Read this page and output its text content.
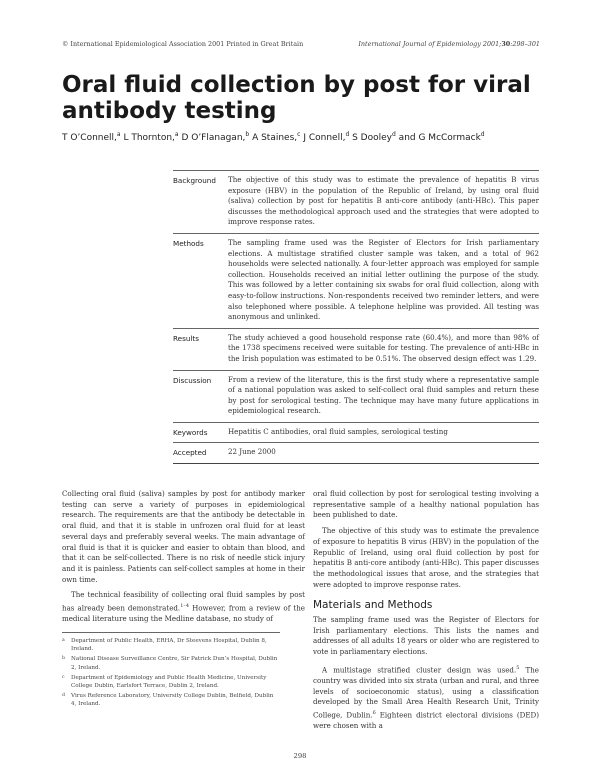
© International Epidemiological Association 2001 Printed in Great Britain	International Journal of Epidemiology 2001;30:298–301
Oral fluid collection by post for viral antibody testing
T O’Connell,$^a$ L Thornton,$^a$ D O’Flanagan,$^b$ A Staines,$^c$ J Connell,$^d$ S Dooley$^d$ and G McCormack$^d$
Background	The objective of this study was to estimate the prevalence of hepatitis B virus exposure (HBV) in the population of the Republic of Ireland, by using oral fluid (saliva) collection by post for hepatitis B anti-core antibody (anti-HBc). This paper discusses the methodological approach used and the strategies that were adopted to improve response rates.
Methods	The sampling frame used was the Register of Electors for Irish parliamentary elections. A multistage stratified cluster sample was taken, and a total of 962 households were selected nationally. A four-letter approach was employed for sample collection. Households received an initial letter outlining the purpose of the study. This was followed by a letter containing six swabs for oral fluid collection, along with easy-to-follow instructions. Non-respondents received two reminder letters, and were also telephoned where possible. A telephone helpline was provided. All testing was anonymous and unlinked.
Results	The study achieved a good household response rate (60.4%), and more than 98% of the 1738 specimens received were suitable for testing. The prevalence of anti-HBc in the Irish population was estimated to be 0.51%. The observed design effect was 1.29.
Discussion	From a review of the literature, this is the first study where a representative sample of a national population was asked to self-collect oral fluid samples and return these by post for serological testing. The technique may have many future applications in epidemiological research.
Keywords	Hepatitis C antibodies, oral fluid samples, serological testing
Accepted	22 June 2000

Collecting oral fluid (saliva) samples by post for antibody marker testing can serve a variety of purposes in epidemiological research. The requirements are that the antibody be detectable in oral fluid, and that it is stable in unfrozen oral fluid for at least several days and preferably several weeks. The main advantage of oral fluid is that it is quicker and easier to obtain than blood, and that it can be self-collected. There is no risk of needle stick injury and it is painless. Patients can self-collect samples at home in their own time.

The technical feasibility of collecting oral fluid samples by post has already been demonstrated.$^{1-4}$ However, from a review of the medical literature using the Medline database, no study of

oral fluid collection by post for serological testing involving a representative sample of a healthy national population has been published to date.

The objective of this study was to estimate the prevalence of exposure to hepatitis B virus (HBV) in the population of the Republic of Ireland, using oral fluid collection by post for hepatitis B anti-core antibody (anti-HBc). This paper discusses the methodological issues that arose, and the strategies that were adopted to improve response rates.

Materials and Methods

The sampling frame used was the Register of Electors for Irish parliamentary elections. This lists the names and addresses of all adults 18 years or older who are registered to vote in parliamentary elections.

A multistage stratified cluster design was used.$^5$ The country was divided into six strata (urban and rural, and three levels of socioeconomic status), using a classification developed by the Small Area Health Research Unit, Trinity College, Dublin.$^6$ Eighteen district electoral divisions (DED) were chosen with a

a	Department of Public Health, ERHA, Dr Steevens Hospital, Dublin 8, Ireland.
b	National Disease Surveillance Centre, Sir Patrick Dun’s Hospital, Dublin 2, Ireland.
c	Department of Epidemiology and Public Health Medicine, University College Dublin, Earlsfort Terrace, Dublin 2, Ireland.
d	Virus Reference Laboratory, University College Dublin, Belfield, Dublin 4, Ireland.
298
